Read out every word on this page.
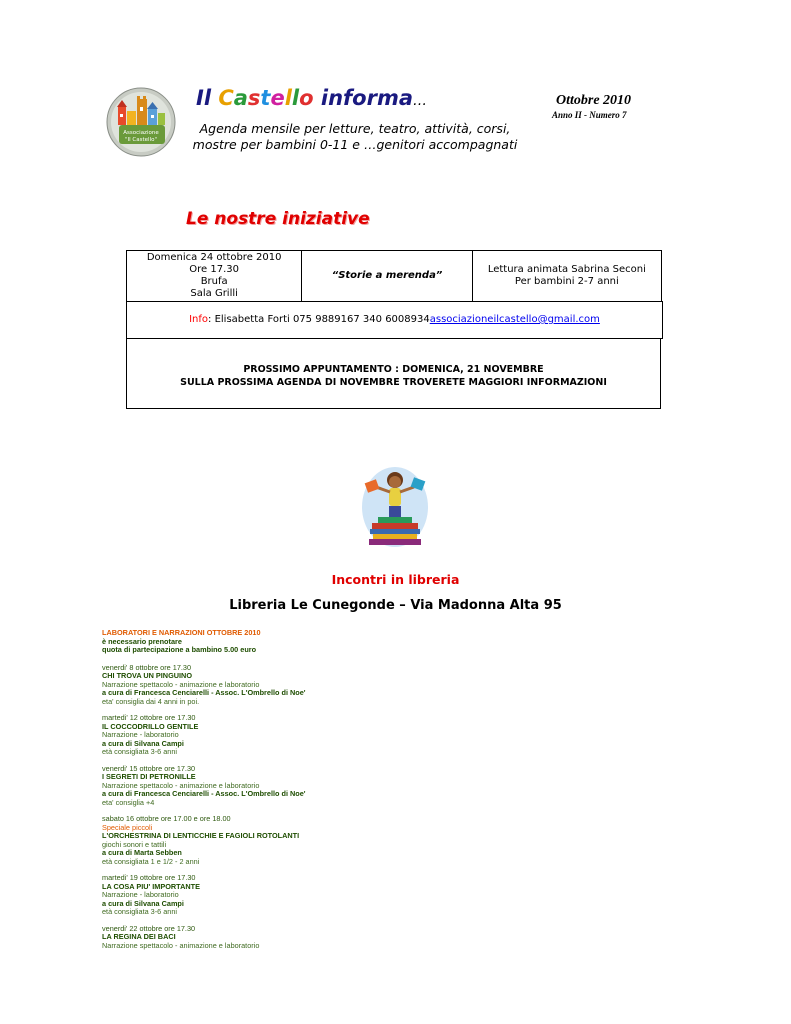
Associazione
"Il Castello"
Il Castello informa…
Agenda mensile per letture, teatro, attività, corsi,
mostre per bambini 0-11 e …genitori accompagnati
Ottobre 2010
Anno II - Numero 7
Le nostre iniziative
Domenica 24 ottobre 2010
Ore 17.30
Brufa
Sala Grilli
“Storie a merenda”
Lettura animata Sabrina Seconi
Per bambini 2-7 anni
Info : Elisabetta Forti 075 9889167 340 6008934 associazioneilcastello@gmail.com
PROSSIMO APPUNTAMENTO : DOMENICA, 21 NOVEMBRE
SULLA PROSSIMA AGENDA DI NOVEMBRE TROVERETE MAGGIORI INFORMAZIONI
Incontri in libreria
Libreria Le Cunegonde – Via Madonna Alta 95
LABORATORI E NARRAZIONI OTTOBRE 2010
è necessario prenotare
quota di partecipazione a bambino 5.00 euro
venerdi' 8 ottobre ore 17.30
CHI TROVA UN PINGUINO
Narrazione spettacolo - animazione e laboratorio
a cura di Francesca Cenciarelli - Assoc. L'Ombrello di Noe'
eta' consiglia dai 4 anni in poi.
martedi' 12 ottobre ore 17.30
IL COCCODRILLO GENTILE
Narrazione - laboratorio
a cura di Silvana Campi
età consigliata 3-6 anni
venerdi' 15 ottobre ore 17.30
I SEGRETI DI PETRONILLE
Narrazione spettacolo - animazione e laboratorio
a cura di Francesca Cenciarelli - Assoc. L'Ombrello di Noe'
eta' consiglia +4
sabato 16 ottobre ore 17.00 e ore 18.00
Speciale piccoli
L'ORCHESTRINA DI LENTICCHIE E FAGIOLI ROTOLANTI
giochi sonori e tattili
a cura di Marta Sebben
età consigliata 1 e 1/2 - 2 anni
martedi' 19 ottobre ore 17.30
LA COSA PIU' IMPORTANTE
Narrazione - laboratorio
a cura di Silvana Campi
età consigliata 3-6 anni
venerdi' 22 ottobre ore 17.30
LA REGINA DEI BACI
Narrazione spettacolo - animazione e laboratorio
